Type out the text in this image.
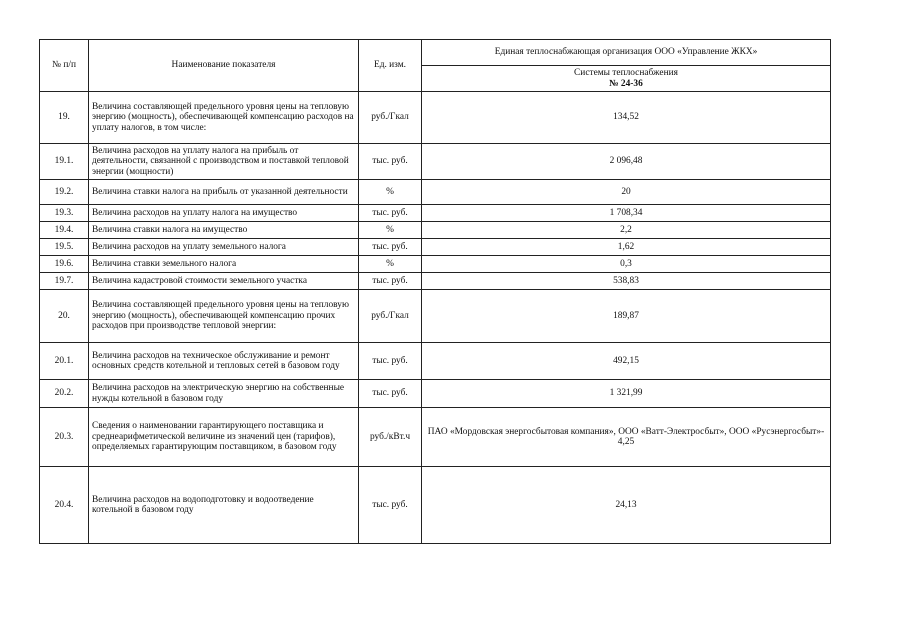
№ п/п	Наименование показателя	Ед. изм.	Единая теплоснабжающая организация ООО «Управление ЖКХ»

			Системы теплоснабжения
№ 24-36

19.	Величина составляющей предельного уровня цены на тепловую энергию (мощность), обеспечивающей компенсацию расходов на уплату налогов, в том числе:	руб./Гкал	134,52
19.1.	Величина расходов на уплату налога на прибыль от деятельности, связанной с производством и поставкой тепловой энергии (мощности)	тыс. руб.	2 096,48
19.2.	Величина ставки налога на прибыль от указанной деятельности	%	20
19.3.	Величина расходов на уплату налога на имущество	тыс. руб.	1 708,34
19.4.	Величина ставки налога на имущество	%	2,2
19.5.	Величина расходов на уплату земельного налога	тыс. руб.	1,62
19.6.	Величина ставки земельного налога	%	0,3
19.7.	Величина кадастровой стоимости земельного участка	тыс. руб.	538,83
20.	Величина составляющей предельного уровня цены на тепловую энергию (мощность), обеспечивающей компенсацию прочих расходов при производстве тепловой энергии:	руб./Гкал	189,87
20.1.	Величина расходов на техническое обслуживание и ремонт основных средств котельной и тепловых сетей в базовом году	тыс. руб.	492,15
20.2.	Величина расходов на электрическую энергию на собственные нужды котельной в базовом году	тыс. руб.	1 321,99
20.3.	Сведения о наименовании гарантирующего поставщика и среднеарифметической величине из значений цен (тарифов), определяемых гарантирующим поставщиком, в базовом году	руб./кВт.ч	ПАО «Мордовская энергосбытовая компания», ООО «Ватт-Электросбыт», ООО «Русэнергосбыт»- 4,25
20.4.	Величина расходов на водоподготовку и водоотведение котельной в базовом году	тыс. руб.	24,13
